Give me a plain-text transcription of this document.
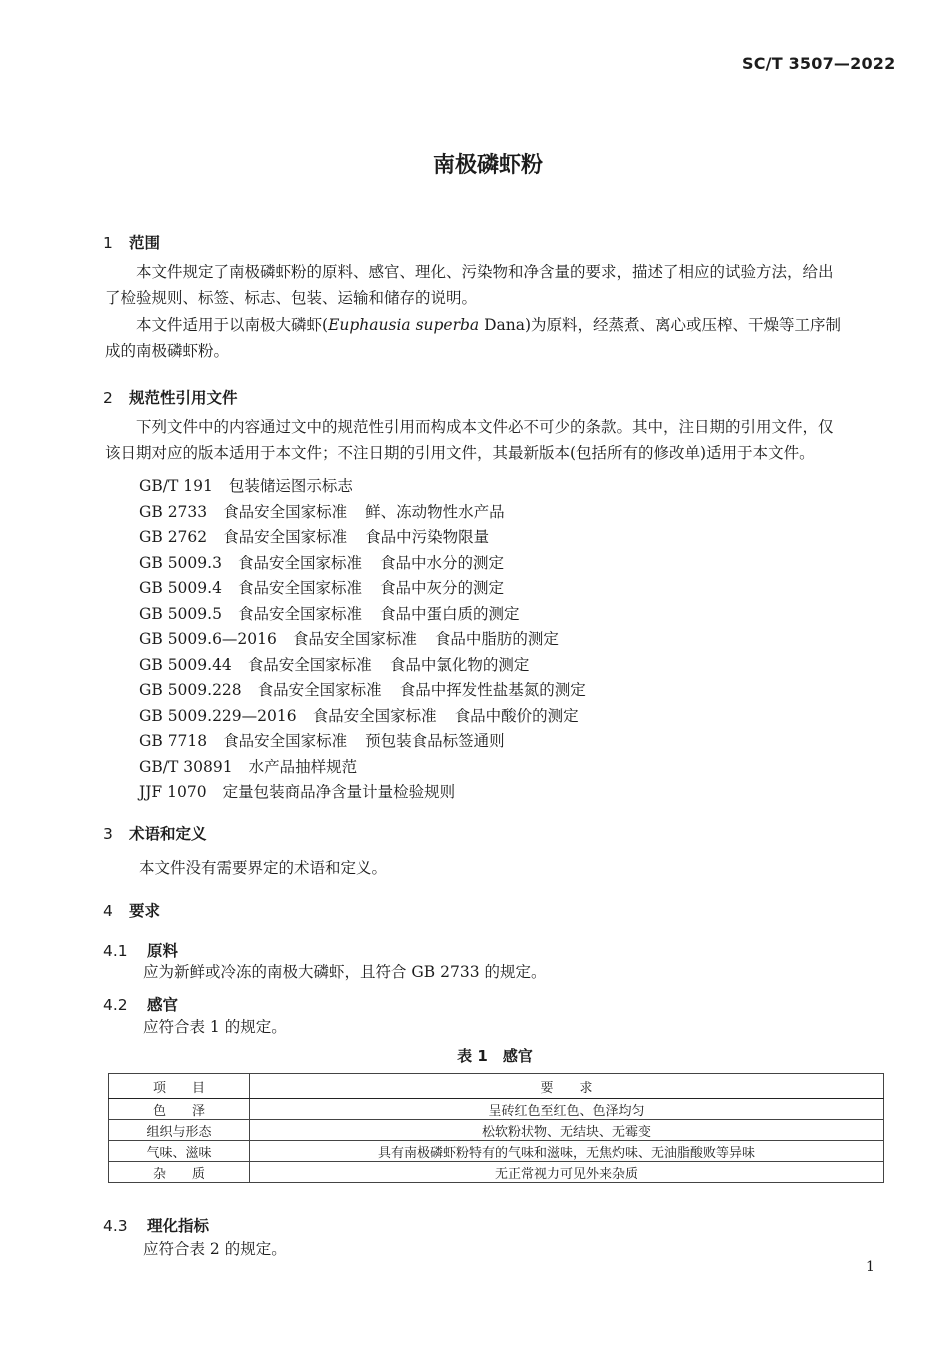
SC/T 3507—2022
南极磷虾粉
1 范围
本文件规定了南极磷虾粉的原料、感官、理化、污染物和净含量的要求，描述了相应的试验方法，给出
了检验规则、标签、标志、包装、运输和储存的说明。
本文件适用于以南极大磷虾(Euphausia superba Dana)为原料，经蒸煮、离心或压榨、干燥等工序制
成的南极磷虾粉。
2 规范性引用文件
下列文件中的内容通过文中的规范性引用而构成本文件必不可少的条款。其中，注日期的引用文件，仅
该日期对应的版本适用于本文件；不注日期的引用文件，其最新版本(包括所有的修改单)适用于本文件。
GB/T 191 包装储运图示标志
GB 2733 食品安全国家标准 鲜、冻动物性水产品
GB 2762 食品安全国家标准 食品中污染物限量
GB 5009.3 食品安全国家标准 食品中水分的测定
GB 5009.4 食品安全国家标准 食品中灰分的测定
GB 5009.5 食品安全国家标准 食品中蛋白质的测定
GB 5009.6—2016 食品安全国家标准 食品中脂肪的测定
GB 5009.44 食品安全国家标准 食品中氯化物的测定
GB 5009.228 食品安全国家标准 食品中挥发性盐基氮的测定
GB 5009.229—2016 食品安全国家标准 食品中酸价的测定
GB 7718 食品安全国家标准 预包装食品标签通则
GB/T 30891 水产品抽样规范
JJF 1070 定量包装商品净含量计量检验规则
3 术语和定义
本文件没有需要界定的术语和定义。
4 要求
4.1 原料
应为新鲜或冷冻的南极大磷虾，且符合 GB 2733 的规定。
4.2 感官
应符合表 1 的规定。
表 1　感官
项　　目	要　　求
色　　泽	呈砖红色至红色、色泽均匀
组织与形态	松软粉状物、无结块、无霉变
气味、滋味	具有南极磷虾粉特有的气味和滋味，无焦灼味、无油脂酸败等异味
杂　　质	无正常视力可见外来杂质
4.3 理化指标
应符合表 2 的规定。
1
